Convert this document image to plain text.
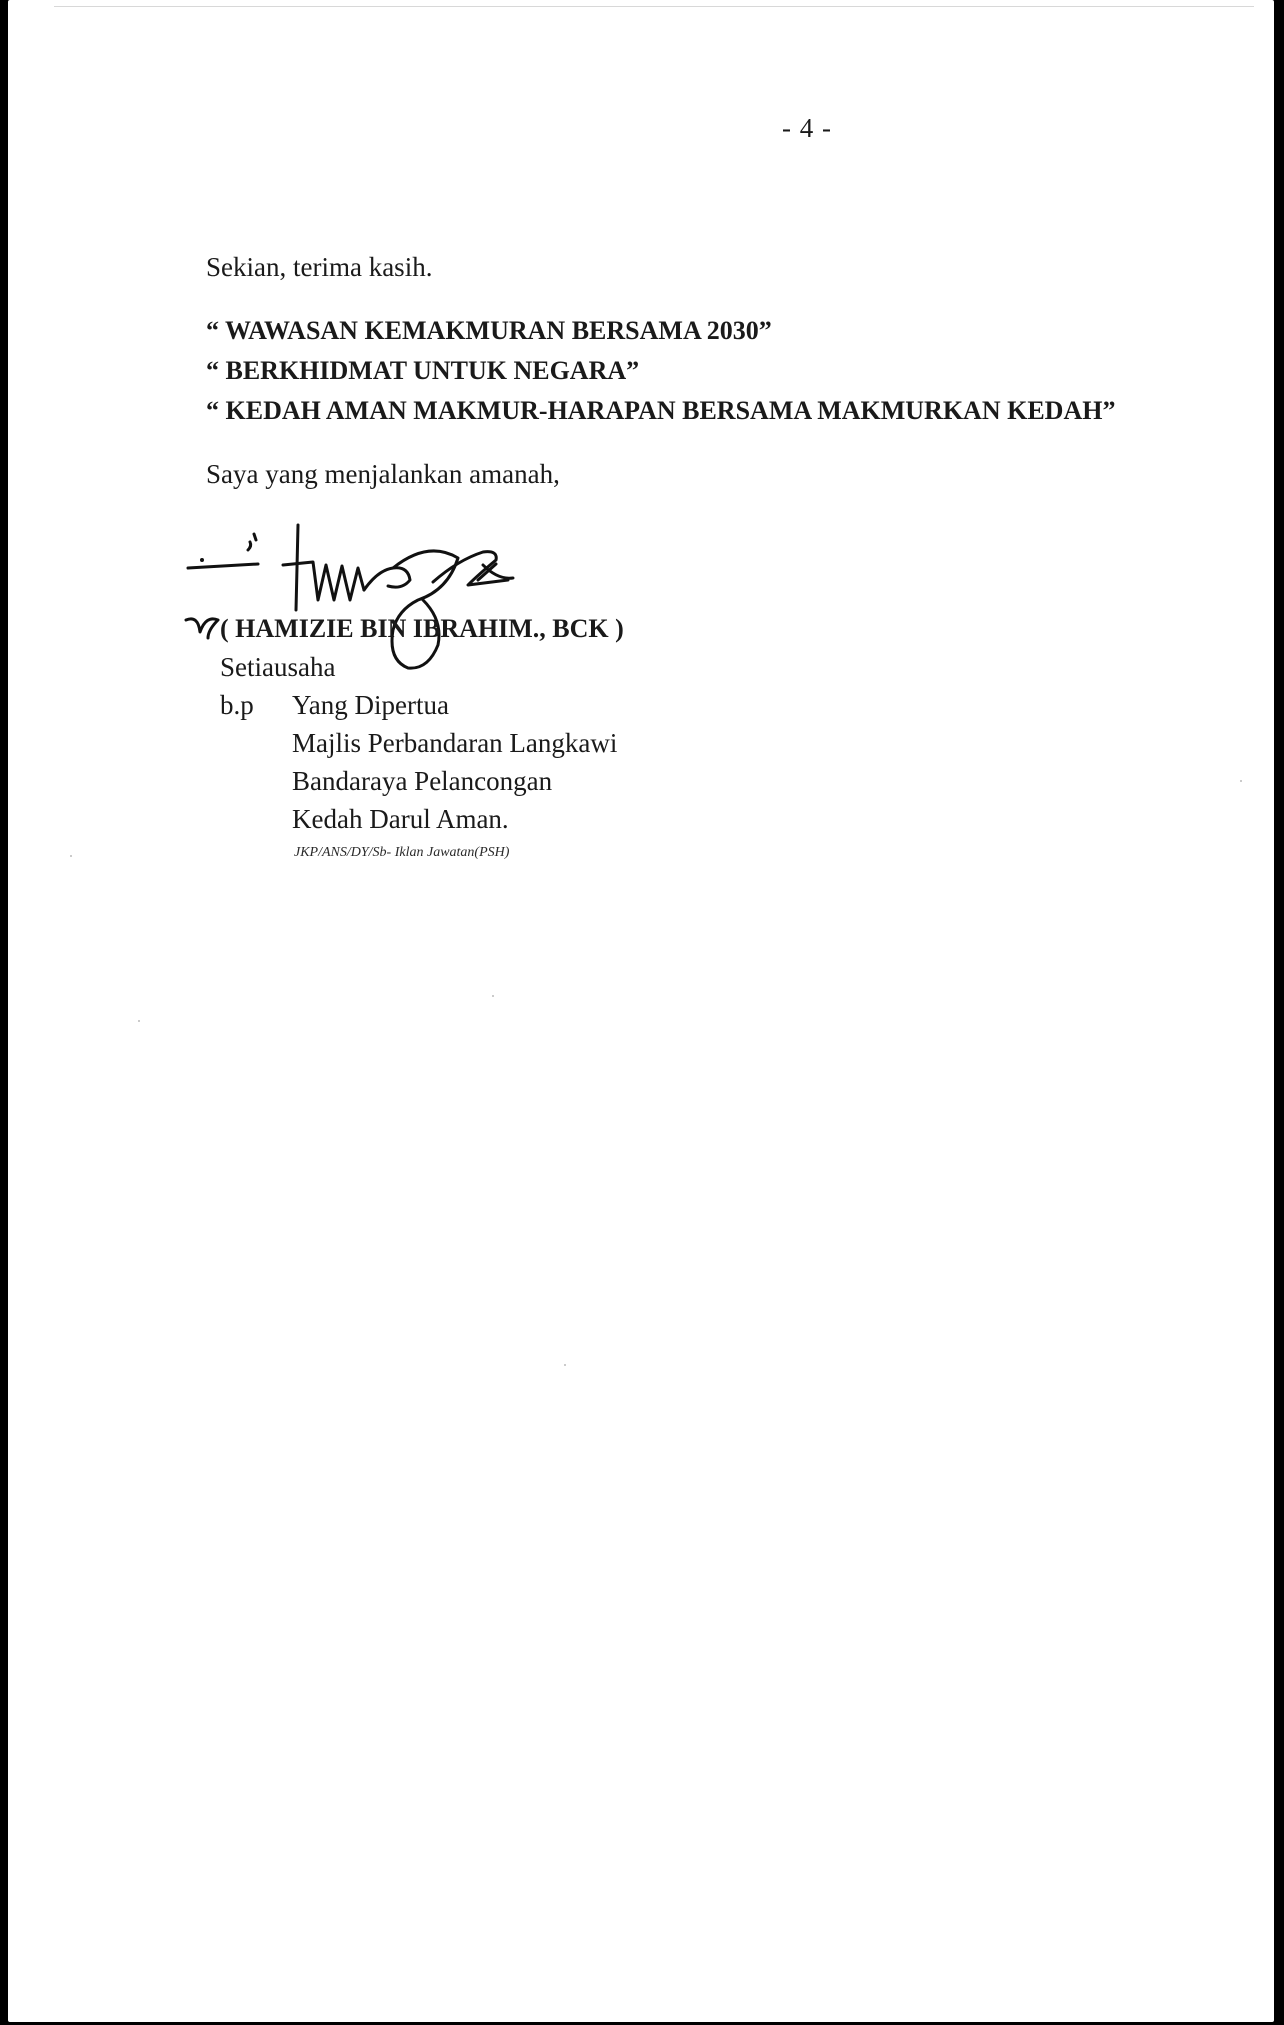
- 4 -
Sekian, terima kasih.
“ WAWASAN KEMAKMURAN BERSAMA 2030”
“ BERKHIDMAT UNTUK NEGARA”
“ KEDAH AMAN MAKMUR-HARAPAN BERSAMA MAKMURKAN KEDAH”
Saya yang menjalankan amanah,
( HAMIZIE BIN IBRAHIM., BCK )
Setiausaha
b.p Yang Dipertua
Majlis Perbandaran Langkawi
Bandaraya Pelancongan
Kedah Darul Aman.
JKP/ANS/DY/Sb- Iklan Jawatan(PSH)
